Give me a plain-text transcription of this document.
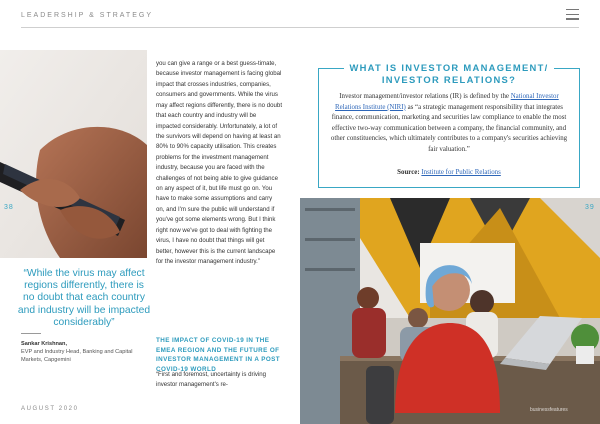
LEADERSHIP & STRATEGY
38
“While the virus may affect regions differently, there is no doubt that each country and industry will be impacted considerably”
Sankar Krishnan,
EVP and Industry Head, Banking and Capital Markets, Capgemini
you can give a range or a best guess-timate, because investor management is facing global impact that crosses industries, companies, consumers and governments. While the virus may affect regions differently, there is no doubt that each country and industry will be impacted considerably. Unfortunately, a lot of the survivors will depend on having at least an 80% to 90% capacity utilisation. This creates problems for the investment management industry, because you are faced with the challenges of not being able to give guidance on any aspect of it, but life must go on. You have to make some assumptions and carry on, and I'm sure the public will understand if you've got some elements wrong. But I think right now we've got to deal with fighting the virus, I have no doubt that things will get better, however this is the current landscape for the investor management industry.”
THE IMPACT OF COVID-19 IN THE EMEA REGION AND THE FUTURE OF INVESTOR MANAGEMENT IN A POST COVID-19 WORLD
“First and foremost, uncertainty is driving investor management's re-
WHAT IS INVESTOR MANAGEMENT/ INVESTOR RELATIONS?
Investor management/investor relations (IR) is defined by the National Investor Relations Institute (NIRI) as “a strategic management responsibility that integrates finance, communication, marketing and securities law compliance to enable the most effective two-way communication between a company, the financial community, and other constituencies, which ultimately contributes to a company's securities achieving fair valuation.”
Source: Institute for Public Relations
businessfeatures
39
AUGUST 2020
